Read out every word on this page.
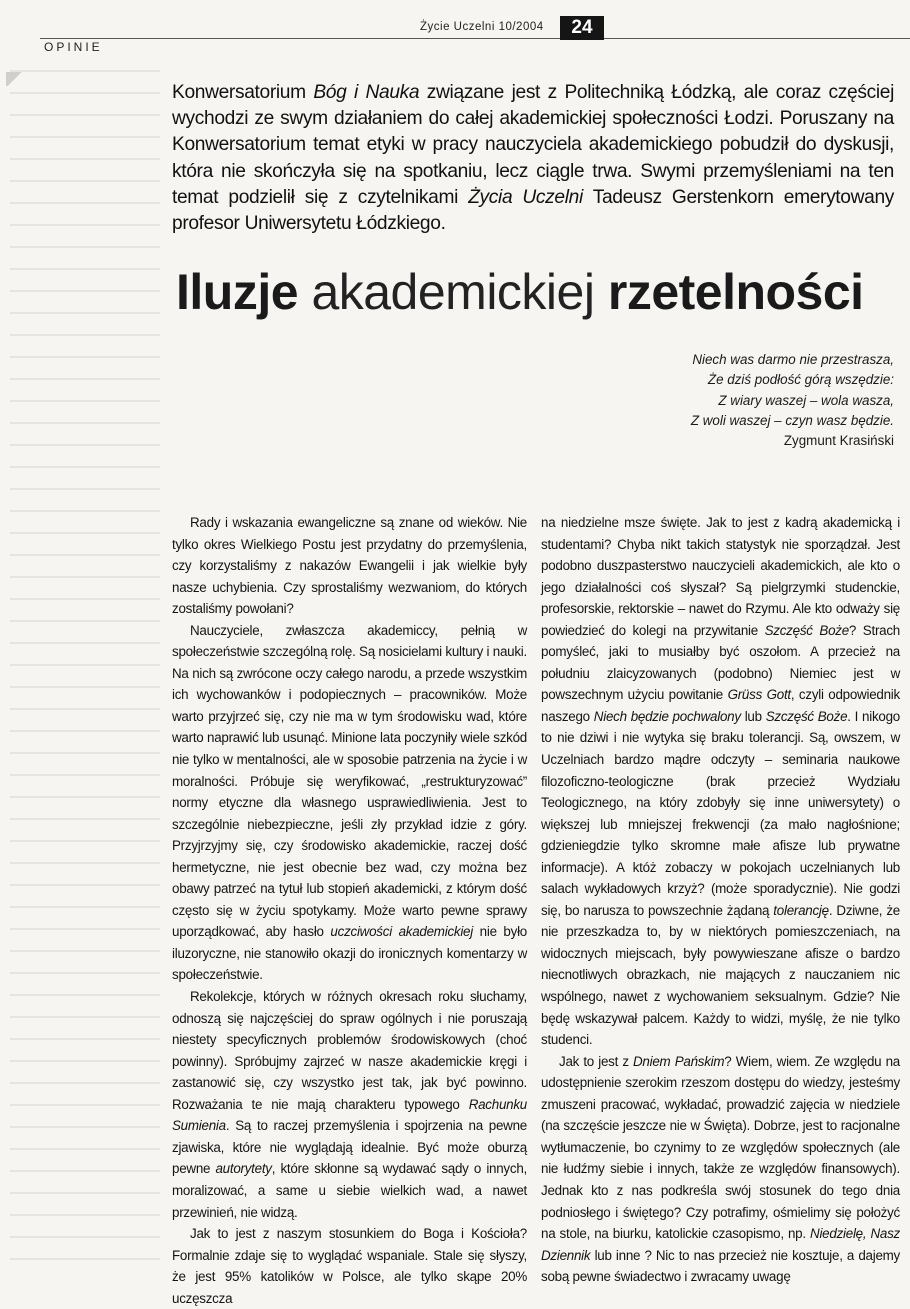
OPINIE
Życie Uczelni 10/2004	24
Konwersatorium Bóg i Nauka związane jest z Politechniką Łódzką, ale coraz częściej wychodzi ze swym działaniem do całej akademickiej społeczności Łodzi. Poruszany na Konwersatorium temat etyki w pracy nauczyciela akademickiego pobudził do dyskusji, która nie skończyła się na spotkaniu, lecz ciągle trwa. Swymi przemyśleniami na ten temat podzielił się z czytelnikami Życia Uczelni Tadeusz Gerstenkorn emerytowany profesor Uniwersytetu Łódzkiego.
Iluzje akademickiej rzetelności
Niech was darmo nie przestrasza,
Że dziś podłość górą wszędzie:
Z wiary waszej – wola wasza,
Z woli waszej – czyn wasz będzie.
Zygmunt Krasiński

Rady i wskazania ewangeliczne są znane od wieków. Nie tylko okres Wielkiego Postu jest przydatny do przemyślenia, czy korzystaliśmy z nakazów Ewangelii i jak wielkie były nasze uchybienia. Czy sprostaliśmy wezwaniom, do których zostaliśmy powołani?

Nauczyciele, zwłaszcza akademiccy, pełnią w społeczeństwie szczególną rolę. Są nosicielami kultury i nauki. Na nich są zwrócone oczy całego narodu, a przede wszystkim ich wychowanków i podopiecznych – pracowników. Może warto przyjrzeć się, czy nie ma w tym środowisku wad, które warto naprawić lub usunąć. Minione lata poczyniły wiele szkód nie tylko w mentalności, ale w sposobie patrzenia na życie i w moralności. Próbuje się weryfikować, „restrukturyzować” normy etyczne dla własnego usprawiedliwienia. Jest to szczególnie niebezpieczne, jeśli zły przykład idzie z góry. Przyjrzyjmy się, czy środowisko akademickie, raczej dość hermetyczne, nie jest obecnie bez wad, czy można bez obawy patrzeć na tytuł lub stopień akademicki, z którym dość często się w życiu spotykamy. Może warto pewne sprawy uporządkować, aby hasło uczciwości akademickiej nie było iluzoryczne, nie stanowiło okazji do ironicznych komentarzy w społeczeństwie.

Rekolekcje, których w różnych okresach roku słuchamy, odnoszą się najczęściej do spraw ogólnych i nie poruszają niestety specyficznych problemów środowiskowych (choć powinny). Spróbujmy zajrzeć w nasze akademickie kręgi i zastanowić się, czy wszystko jest tak, jak być powinno. Rozważania te nie mają charakteru typowego Rachunku Sumienia. Są to raczej przemyślenia i spojrzenia na pewne zjawiska, które nie wyglądają idealnie. Być może oburzą pewne autorytety, które skłonne są wydawać sądy o innych, moralizować, a same u siebie wielkich wad, a nawet przewinień, nie widzą.

Jak to jest z naszym stosunkiem do Boga i Kościoła? Formalnie zdaje się to wyglądać wspaniale. Stale się słyszy, że jest 95% katolików w Polsce, ale tylko skąpe 20% uczęszcza

na niedzielne msze święte. Jak to jest z kadrą akademicką i studentami? Chyba nikt takich statystyk nie sporządzał. Jest podobno duszpasterstwo nauczycieli akademickich, ale kto o jego działalności coś słyszał? Są pielgrzymki studenckie, profesorskie, rektorskie – nawet do Rzymu. Ale kto odważy się powiedzieć do kolegi na przywitanie Szczęść Boże? Strach pomyśleć, jaki to musiałby być oszołom. A przecież na południu zlaicyzowanych (podobno) Niemiec jest w powszechnym użyciu powitanie Grüss Gott, czyli odpowiednik naszego Niech będzie pochwalony lub Szczęść Boże. I nikogo to nie dziwi i nie wytyka się braku tolerancji. Są, owszem, w Uczelniach bardzo mądre odczyty – seminaria naukowe filozoficzno-teologiczne (brak przecież Wydziału Teologicznego, na który zdobyły się inne uniwersytety) o większej lub mniejszej frekwencji (za mało nagłośnione; gdzieniegdzie tylko skromne małe afisze lub prywatne informacje). A któż zobaczy w pokojach uczelnianych lub salach wykładowych krzyż? (może sporadycznie). Nie godzi się, bo narusza to powszechnie żądaną tolerancję. Dziwne, że nie przeszkadza to, by w niektórych pomieszczeniach, na widocznych miejscach, były powywieszane afisze o bardzo niecnotliwych obrazkach, nie mających z nauczaniem nic wspólnego, nawet z wychowaniem seksualnym. Gdzie? Nie będę wskazywał palcem. Każdy to widzi, myślę, że nie tylko studenci.

Jak to jest z Dniem Pańskim? Wiem, wiem. Ze względu na udostępnienie szerokim rzeszom dostępu do wiedzy, jesteśmy zmuszeni pracować, wykładać, prowadzić zajęcia w niedziele (na szczęście jeszcze nie w Święta). Dobrze, jest to racjonalne wytłumaczenie, bo czynimy to ze względów społecznych (ale nie łudźmy siebie i innych, także ze względów finansowych). Jednak kto z nas podkreśla swój stosunek do tego dnia podniosłego i świętego? Czy potrafimy, ośmielimy się położyć na stole, na biurku, katolickie czasopismo, np. Niedzielę, Nasz Dziennik lub inne ? Nic to nas przecież nie kosztuje, a dajemy sobą pewne świadectwo i zwracamy uwagę
